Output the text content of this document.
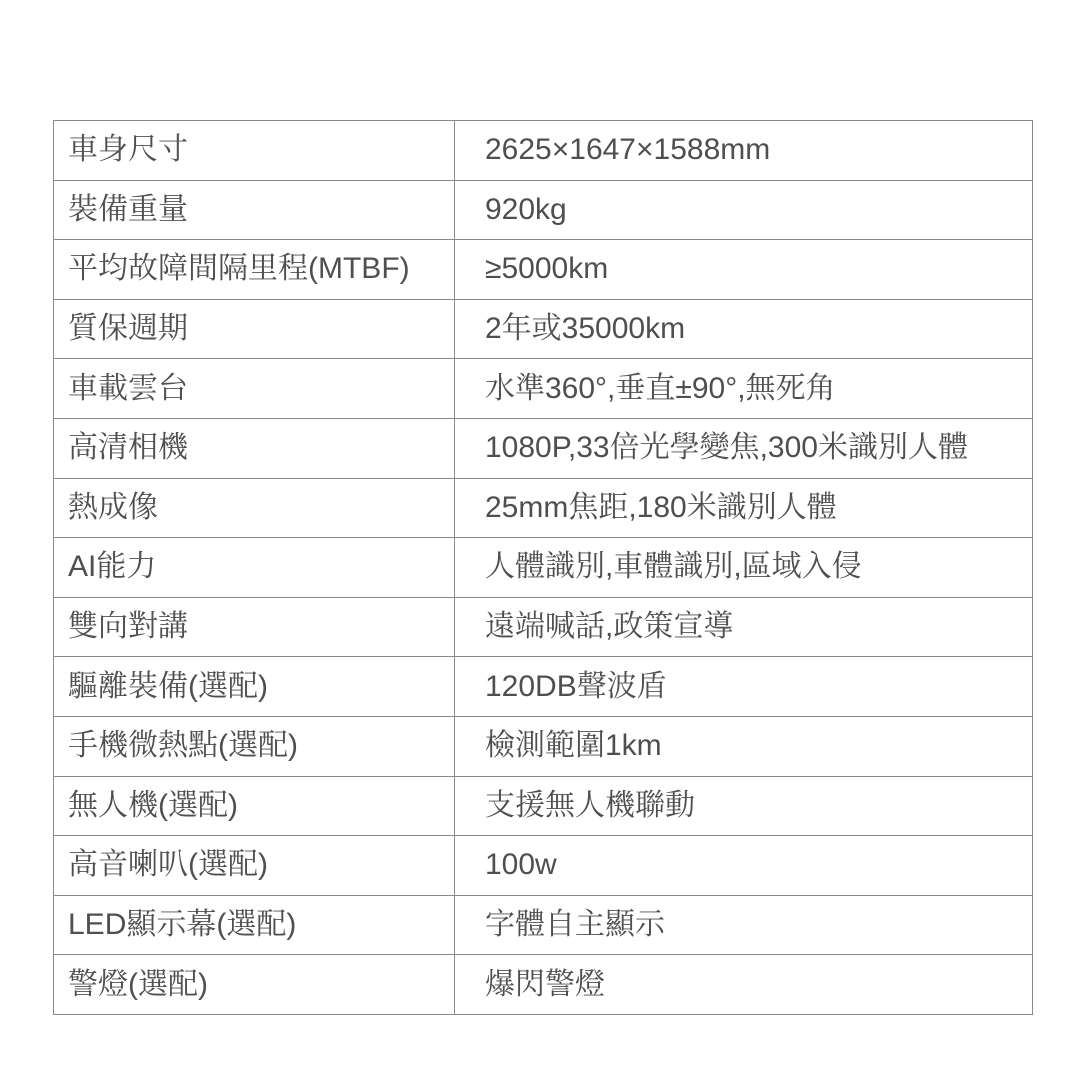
車身尺寸	2625×1647×1588mm
裝備重量	920kg
平均故障間隔里程(MTBF)	≥5000km
質保週期	2年或35000km
車載雲台	水準360°,垂直±90°,無死角
高清相機	1080P,33倍光學變焦,300米識別人體
熱成像	25mm焦距,180米識別人體
AI能力	人體識別,車體識別,區域入侵
雙向對講	遠端喊話,政策宣導
驅離裝備(選配)	120DB聲波盾
手機微熱點(選配)	檢測範圍1km
無人機(選配)	支援無人機聯動
高音喇叭(選配)	100w
LED顯示幕(選配)	字體自主顯示
警燈(選配)	爆閃警燈
